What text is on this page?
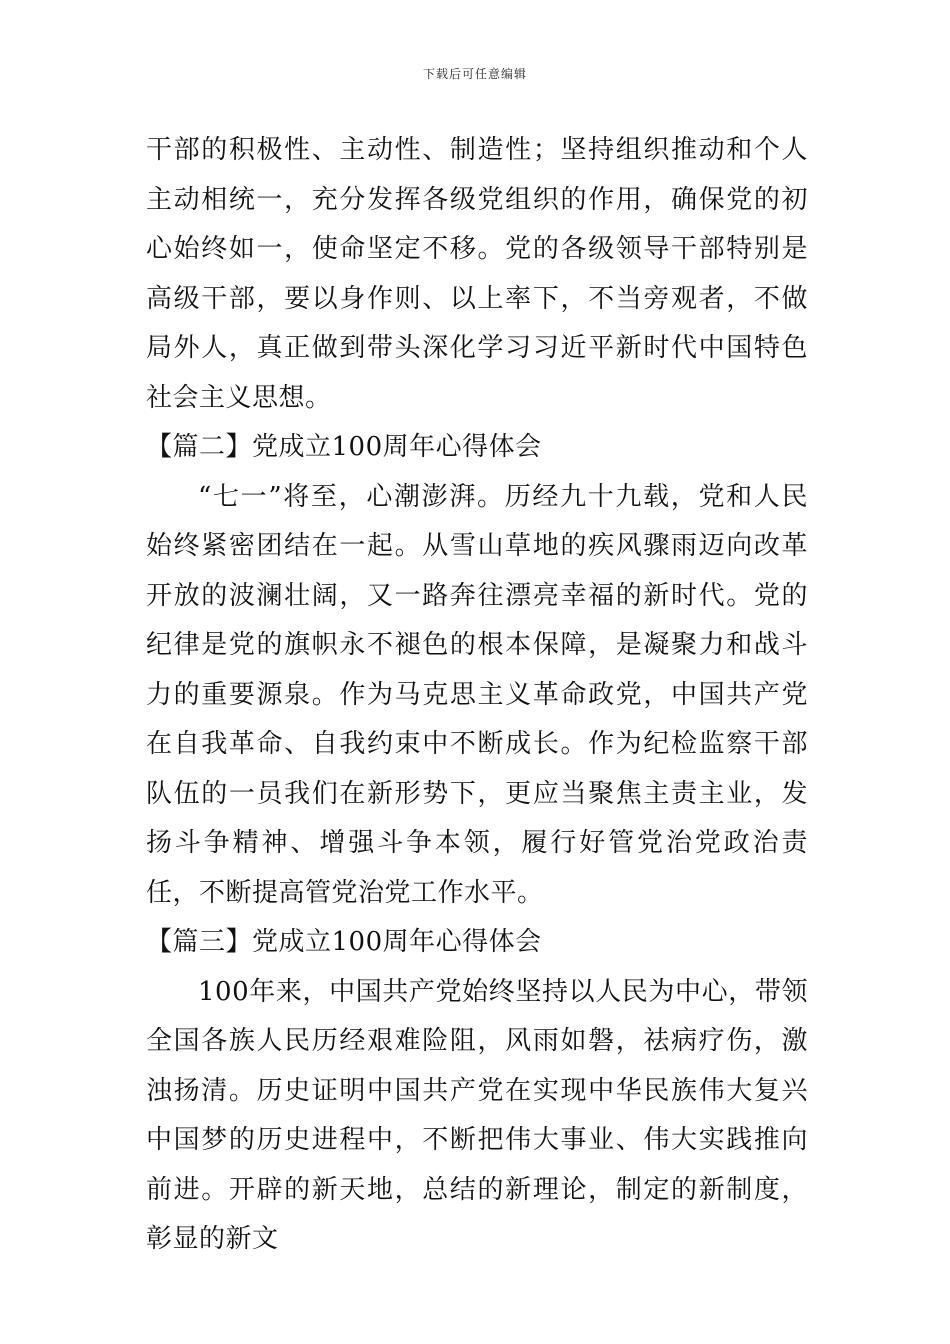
下载后可任意编辑

干部的积极性、主动性、制造性；坚持组织推动和个人主动相统一，充分发挥各级党组织的作用，确保党的初心始终如一，使命坚定不移。党的各级领导干部特别是高级干部，要以身作则、以上率下，不当旁观者，不做局外人，真正做到带头深化学习习近平新时代中国特色社会主义思想。

【篇二】党成立100周年心得体会

“七一”将至，心潮澎湃。历经九十九载，党和人民始终紧密团结在一起。从雪山草地的疾风骤雨迈向改革开放的波澜壮阔，又一路奔往漂亮幸福的新时代。党的纪律是党的旗帜永不褪色的根本保障，是凝聚力和战斗力的重要源泉。作为马克思主义革命政党，中国共产党在自我革命、自我约束中不断成长。作为纪检监察干部队伍的一员我们在新形势下，更应当聚焦主责主业，发扬斗争精神、增强斗争本领，履行好管党治党政治责任，不断提高管党治党工作水平。

【篇三】党成立100周年心得体会

100年来，中国共产党始终坚持以人民为中心，带领全国各族人民历经艰难险阻，风雨如磐，祛病疗伤，激浊扬清。历史证明中国共产党在实现中华民族伟大复兴中国梦的历史进程中，不断把伟大事业、伟大实践推向前进。开辟的新天地，总结的新理论，制定的新制度，彰显的新文
